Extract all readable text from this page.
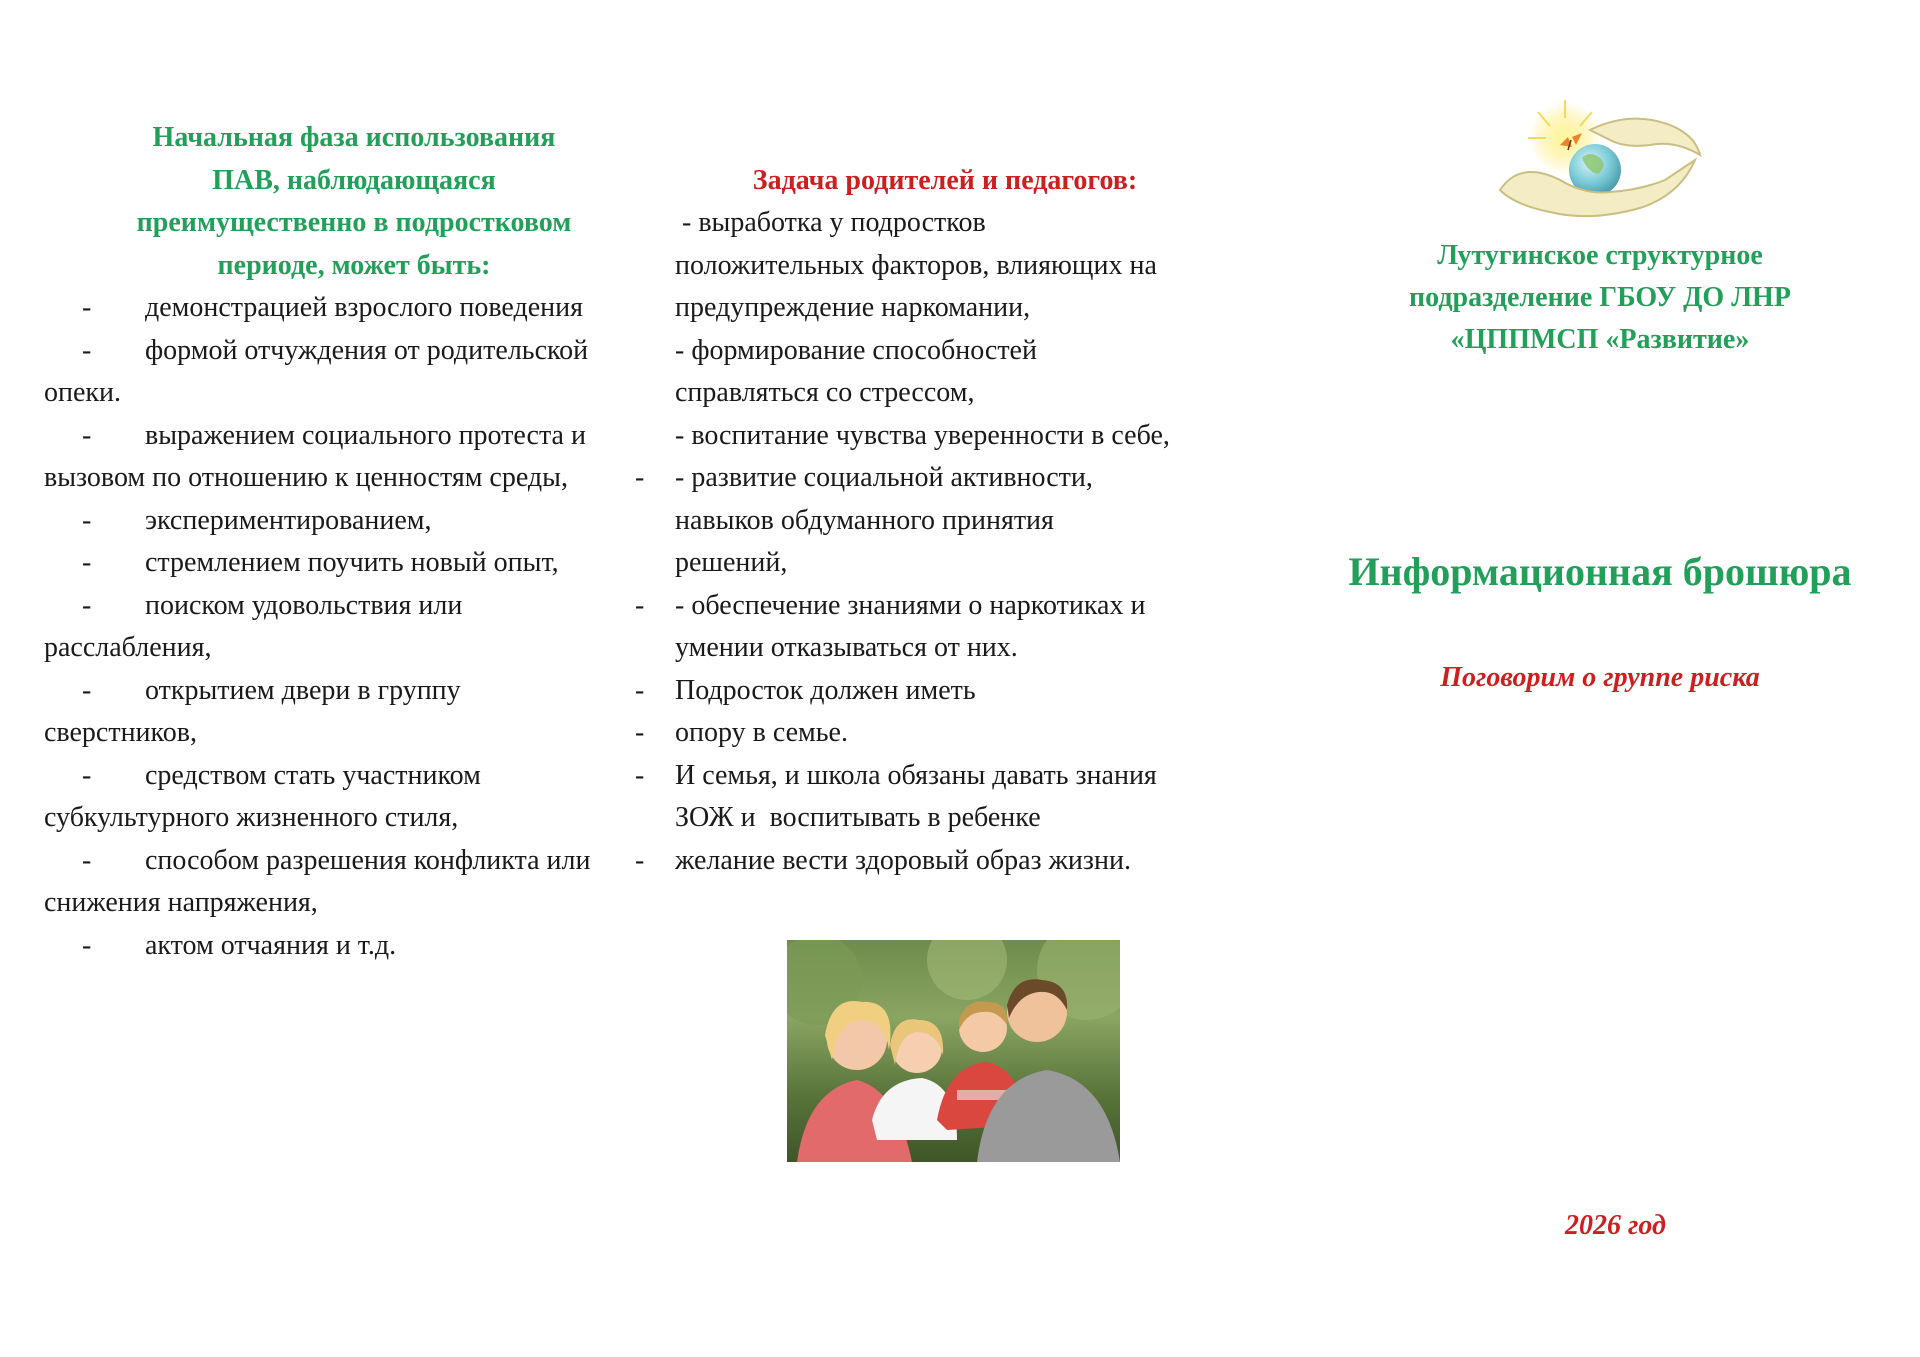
Начальная фаза использования
ПАВ, наблюдающаяся
преимущественно в подростковом
периоде, может быть:
- демонстрацией взрослого поведения
- формой отчуждения от родительской опеки.
- выражением социального протеста и вызовом по отношению к ценностям среды,
- экспериментированием,
- стремлением поучить новый опыт,
- поиском удовольствия или расслабления,
- открытием двери в группу сверстников,
- средством стать участником субкультурного жизненного стиля,
- способом разрешения конфликта или снижения напряжения,
- актом отчаяния и т.д.
Задача родителей и педагогов:
- выработка у подростков
положительных факторов, влияющих на
предупреждение наркомании,
- формирование способностей
справляться со стрессом,
- воспитание чувства уверенности в себе,
- - развитие социальной активности,
навыков обдуманного принятия
решений,
- - обеспечение знаниями о наркотиках и
умении отказываться от них.
- Подросток должен иметь
- опору в семье.
- И семья, и школа обязаны давать знания
ЗОЖ и  воспитывать в ребенке
- желание вести здоровый образ жизни.
Лутугинское структурное
подразделение ГБОУ ДО ЛНР
«ЦППМСП «Развитие»
Информационная брошюра
Поговорим о группе риска
2026 год
